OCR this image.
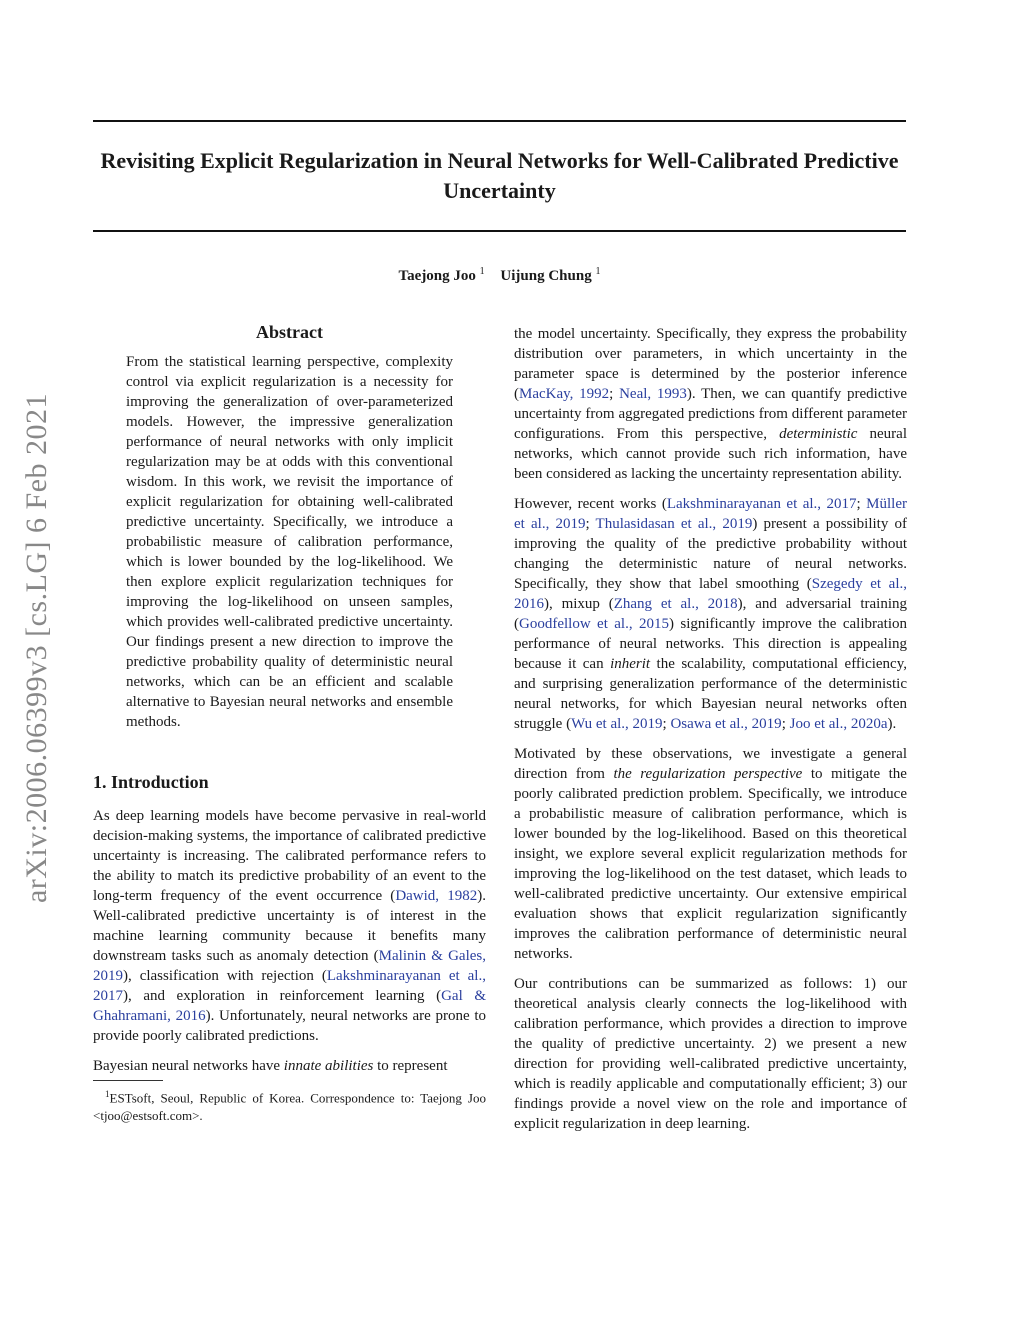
Revisiting Explicit Regularization in Neural Networks for Well-Calibrated Predictive Uncertainty
Taejong Joo $^1$ Uijung Chung $^1$
arXiv:2006.06399v3 [cs.LG] 6 Feb 2021
Abstract

From the statistical learning perspective, complexity control via explicit regularization is a necessity for improving the generalization of over-parameterized models. However, the impressive generalization performance of neural networks with only implicit regularization may be at odds with this conventional wisdom. In this work, we revisit the importance of explicit regularization for obtaining well-calibrated predictive uncertainty. Specifically, we introduce a probabilistic measure of calibration performance, which is lower bounded by the log-likelihood. We then explore explicit regularization techniques for improving the log-likelihood on unseen samples, which provides well-calibrated predictive uncertainty. Our findings present a new direction to improve the predictive probability quality of deterministic neural networks, which can be an efficient and scalable alternative to Bayesian neural networks and ensemble methods.

1. Introduction

As deep learning models have become pervasive in real-world decision-making systems, the importance of calibrated predictive uncertainty is increasing. The calibrated performance refers to the ability to match its predictive probability of an event to the long-term frequency of the event occurrence (Dawid, 1982). Well-calibrated predictive uncertainty is of interest in the machine learning community because it benefits many downstream tasks such as anomaly detection (Malinin & Gales, 2019), classification with rejection (Lakshminarayanan et al., 2017), and exploration in reinforcement learning (Gal & Ghahramani, 2016). Unfortunately, neural networks are prone to provide poorly calibrated predictions.

Bayesian neural networks have innate abilities to represent

$^1$ESTsoft, Seoul, Republic of Korea. Correspondence to: Taejong Joo <tjoo@estsoft.com>.

the model uncertainty. Specifically, they express the probability distribution over parameters, in which uncertainty in the parameter space is determined by the posterior inference (MacKay, 1992; Neal, 1993). Then, we can quantify predictive uncertainty from aggregated predictions from different parameter configurations. From this perspective, deterministic neural networks, which cannot provide such rich information, have been considered as lacking the uncertainty representation ability.

However, recent works (Lakshminarayanan et al., 2017; Müller et al., 2019; Thulasidasan et al., 2019) present a possibility of improving the quality of the predictive probability without changing the deterministic nature of neural networks. Specifically, they show that label smoothing (Szegedy et al., 2016), mixup (Zhang et al., 2018), and adversarial training (Goodfellow et al., 2015) significantly improve the calibration performance of neural networks. This direction is appealing because it can inherit the scalability, computational efficiency, and surprising generalization performance of the deterministic neural networks, for which Bayesian neural networks often struggle (Wu et al., 2019; Osawa et al., 2019; Joo et al., 2020a).

Motivated by these observations, we investigate a general direction from the regularization perspective to mitigate the poorly calibrated prediction problem. Specifically, we introduce a probabilistic measure of calibration performance, which is lower bounded by the log-likelihood. Based on this theoretical insight, we explore several explicit regularization methods for improving the log-likelihood on the test dataset, which leads to well-calibrated predictive uncertainty. Our extensive empirical evaluation shows that explicit regularization significantly improves the calibration performance of deterministic neural networks.

Our contributions can be summarized as follows: 1) our theoretical analysis clearly connects the log-likelihood with calibration performance, which provides a direction to improve the quality of predictive uncertainty. 2) we present a new direction for providing well-calibrated predictive uncertainty, which is readily applicable and computationally efficient; 3) our findings provide a novel view on the role and importance of explicit regularization in deep learning.
